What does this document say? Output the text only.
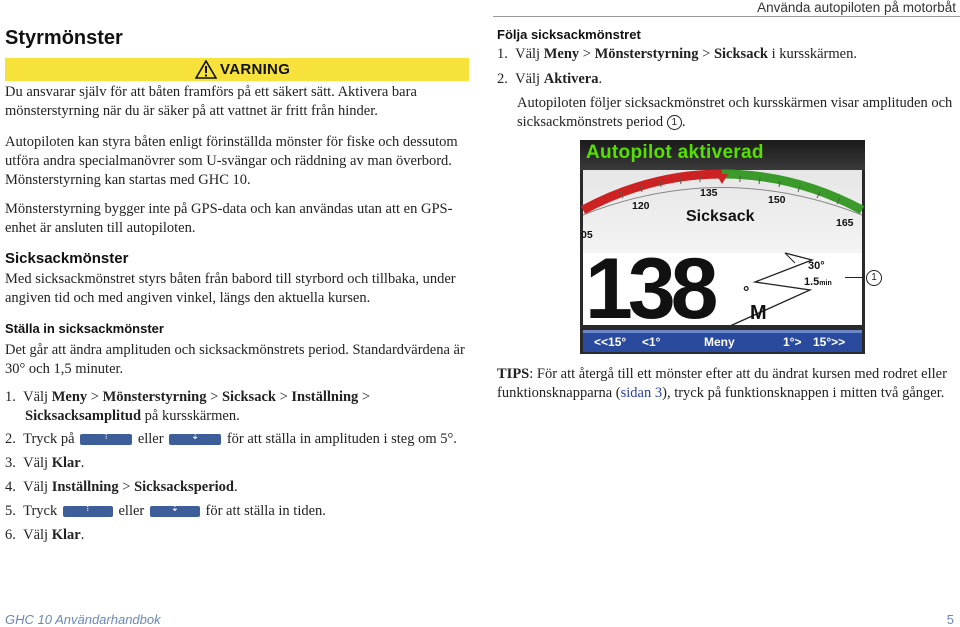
Använda autopiloten på motorbåt
Styrmönster
VARNING
Du ansvarar själv för att båten framförs på ett säkert sätt. Aktivera bara
mönsterstyrning när du är säker på att vattnet är fritt från hinder.
Autopiloten kan styra båten enligt förinställda mönster för fiske och dessutom
utföra andra specialmanövrer som U-svängar och räddning av man överbord.
Mönsterstyrning kan startas med GHC 10.
Mönsterstyrning bygger inte på GPS-data och kan användas utan att en GPS-
enhet är ansluten till autopiloten.
Sicksackmönster
Med sicksackmönstret styrs båten från babord till styrbord och tillbaka, under
angiven tid och med angiven vinkel, längs den aktuella kursen.
Ställa in sicksackmönster
Det går att ändra amplituden och sicksackmönstrets period. Standardvärdena är
30° och 1,5 minuter.
1. Välj Meny > Mönsterstyrning > Sicksack > Inställning >
Sicksacksamplitud på kursskärmen.
2. Tryck på	⇡	eller	⇣	för att ställa in amplituden i steg om 5°.
3. Välj Klar.
4. Välj Inställning > Sicksacksperiod.
5. Tryck	⇡	eller	⇣	för att ställa in tiden.
6. Välj Klar.
Följa sicksackmönstret
1. Välj Meny > Mönsterstyrning > Sicksack i kursskärmen.
2. Välj Aktivera.
Autopiloten följer sicksackmönstret och kursskärmen visar amplituden och
sicksackmönstrets period 1 .
Autopilot aktiverad
135
120	150
165
05
Sicksack
138 °
M
30°
1.5min
<<15° <1°	Meny	1°> 15°>>
1
TIPS: För att återgå till ett mönster efter att du ändrat kursen med rodret eller
funktionsknapparna (sidan 3), tryck på funktionsknappen i mitten två gånger.
GHC 10 Användarhandbok	5
